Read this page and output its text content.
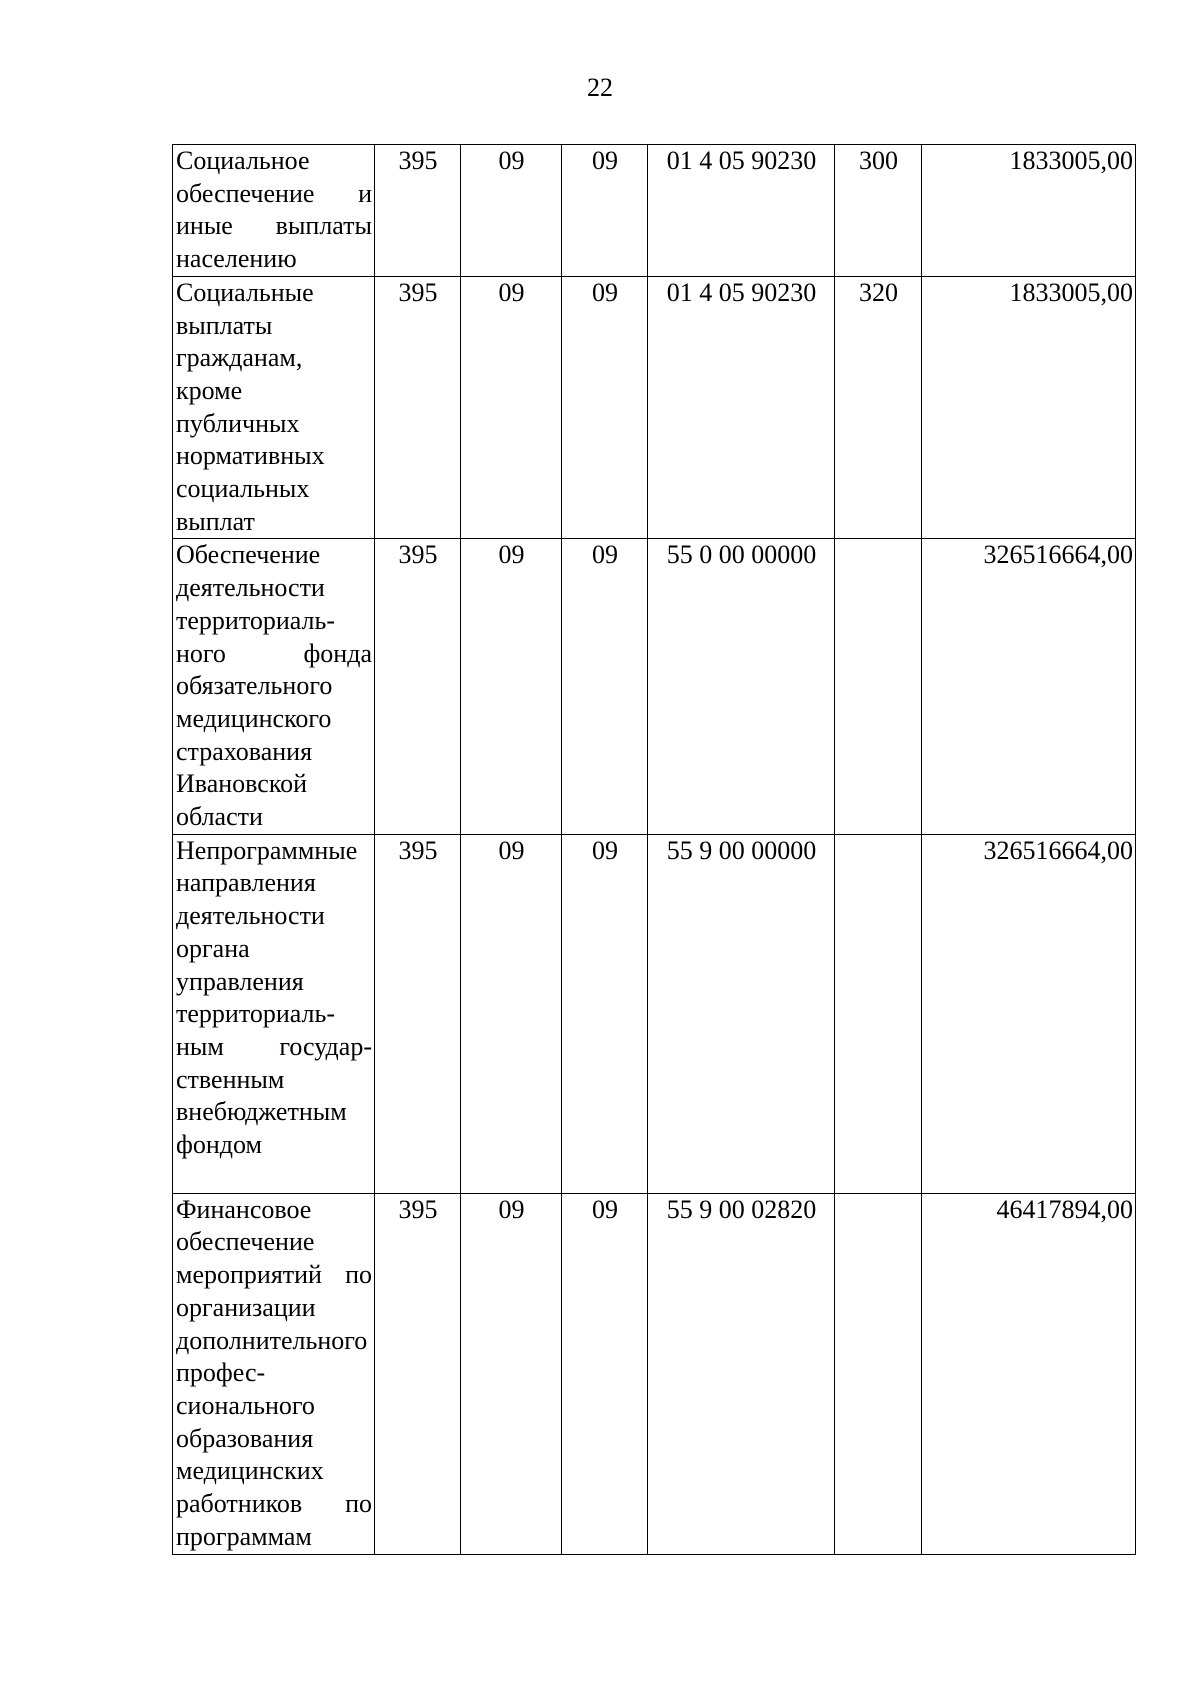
22
Социальное обеспечение и иные выплаты населению	395	09	09	01 4 05 90230	300	1833005,00
Социальные выплаты гражданам, кроме публичных нормативных социальных выплат	395	09	09	01 4 05 90230	320	1833005,00
Обеспечение деятельности территориального фонда обязательного медицинского страхования Ивановской области	395	09	09	55 0 00 00000		326516664,00
Непрограммные направления деятельности органа управления территориальным государственным внебюджетным фондом	395	09	09	55 9 00 00000		326516664,00
Финансовое обеспечение мероприятий по организации дополнительного профессионального образования медицинских работников по программам	395	09	09	55 9 00 02820		46417894,00
